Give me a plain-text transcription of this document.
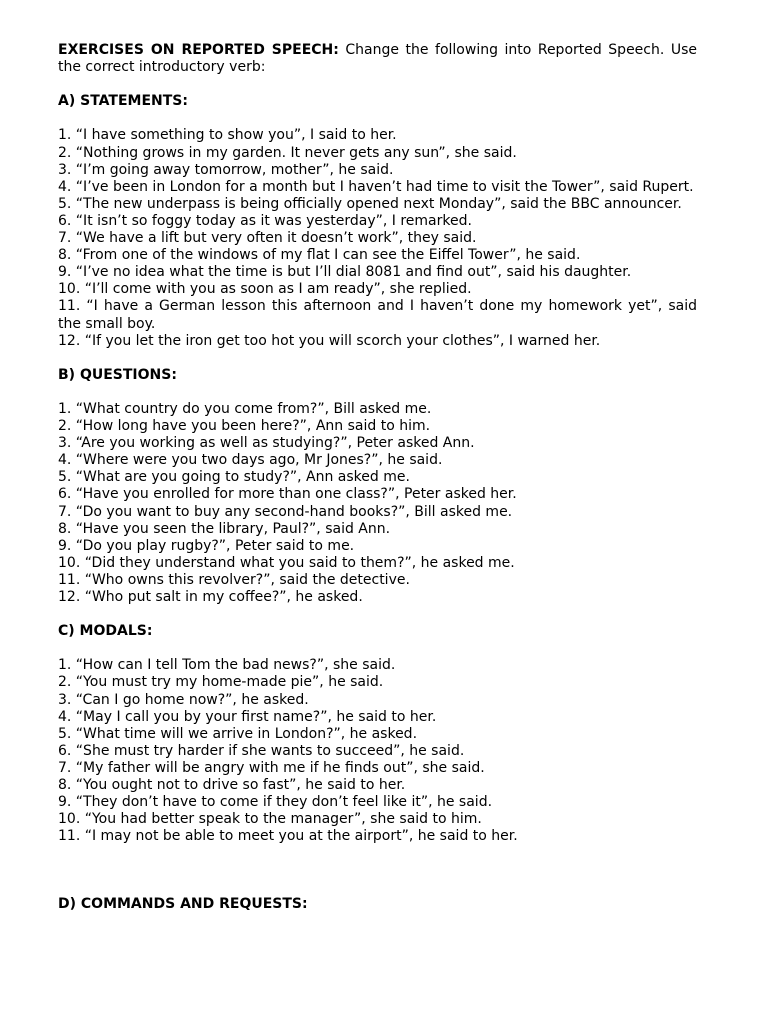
EXERCISES ON REPORTED SPEECH: Change the following into Reported Speech. Use the correct introductory verb:

A) STATEMENTS:

1. “I have something to show you”, I said to her.

2. “Nothing grows in my garden. It never gets any sun”, she said.

3. “I’m going away tomorrow, mother”, he said.

4. “I’ve been in London for a month but I haven’t had time to visit the Tower”, said Rupert.

5. “The new underpass is being officially opened next Monday”, said the BBC announcer.

6. “It isn’t so foggy today as it was yesterday”, I remarked.

7. “We have a lift but very often it doesn’t work”, they said.

8. “From one of the windows of my flat I can see the Eiffel Tower”, he said.

9. “I’ve no idea what the time is but I’ll dial 8081 and find out”, said his daughter.

10. “I’ll come with you as soon as I am ready”, she replied.

11. “I have a German lesson this afternoon and I haven’t done my homework yet”, said the small boy.

12. “If you let the iron get too hot you will scorch your clothes”, I warned her.

B) QUESTIONS:

1. “What country do you come from?”, Bill asked me.

2. “How long have you been here?”, Ann said to him.

3. “Are you working as well as studying?”, Peter asked Ann.

4. “Where were you two days ago, Mr Jones?”, he said.

5. “What are you going to study?”, Ann asked me.

6. “Have you enrolled for more than one class?”, Peter asked her.

7. “Do you want to buy any second-hand books?”, Bill asked me.

8. “Have you seen the library, Paul?”, said Ann.

9. “Do you play rugby?”, Peter said to me.

10. “Did they understand what you said to them?”, he asked me.

11. “Who owns this revolver?”, said the detective.

12. “Who put salt in my coffee?”, he asked.

C) MODALS:

1. “How can I tell Tom the bad news?”, she said.

2. “You must try my home-made pie”, he said.

3. “Can I go home now?”, he asked.

4. “May I call you by your first name?”, he said to her.

5. “What time will we arrive in London?”, he asked.

6. “She must try harder if she wants to succeed”, he said.

7. “My father will be angry with me if he finds out”, she said.

8. “You ought not to drive so fast”, he said to her.

9. “They don’t have to come if they don’t feel like it”, he said.

10. “You had better speak to the manager”, she said to him.

11. “I may not be able to meet you at the airport”, he said to her.

D) COMMANDS AND REQUESTS:
